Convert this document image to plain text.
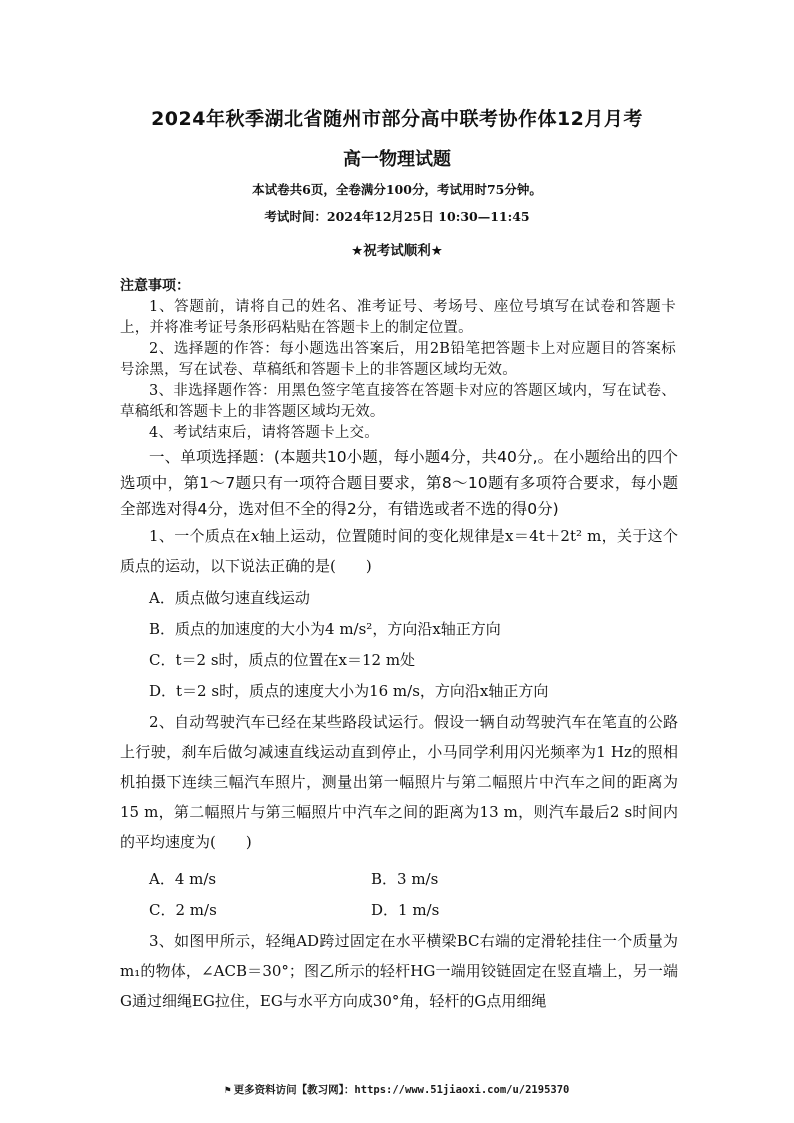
2024年秋季湖北省随州市部分高中联考协作体12月月考
高一物理试题
本试卷共6页，全卷满分100分，考试用时75分钟。
考试时间：2024年12月25日 10:30—11:45
★祝考试顺利★
注意事项：

1、答题前，请将自己的姓名、准考证号、考场号、座位号填写在试卷和答题卡上，并将准考证号条形码粘贴在答题卡上的制定位置。

2、选择题的作答：每小题选出答案后，用2B铅笔把答题卡上对应题目的答案标号涂黑，写在试卷、草稿纸和答题卡上的非答题区域均无效。

3、非选择题作答：用黑色签字笔直接答在答题卡对应的答题区域内，写在试卷、草稿纸和答题卡上的非答题区域均无效。

4、考试结束后，请将答题卡上交。

一、单项选择题：(本题共10小题，每小题4分，共40分,。在小题给出的四个选项中，第1～7题只有一项符合题目要求，第8～10题有多项符合要求，每小题全部选对得4分，选对但不全的得2分，有错选或者不选的得0分)

1、一个质点在x轴上运动，位置随时间的变化规律是x＝4t＋2t² m，关于这个质点的运动，以下说法正确的是(　　)

A．质点做匀速直线运动
B．质点的加速度的大小为4 m/s²，方向沿x轴正方向
C．t＝2 s时，质点的位置在x＝12 m处
D．t＝2 s时，质点的速度大小为16 m/s，方向沿x轴正方向

2、自动驾驶汽车已经在某些路段试运行。假设一辆自动驾驶汽车在笔直的公路上行驶，刹车后做匀减速直线运动直到停止，小马同学利用闪光频率为1 Hz的照相机拍摄下连续三幅汽车照片，测量出第一幅照片与第二幅照片中汽车之间的距离为15 m，第二幅照片与第三幅照片中汽车之间的距离为13 m，则汽车最后2 s时间内的平均速度为(　　)

A．4 m/s	B．3 m/s
C．2 m/s	D．1 m/s

3、如图甲所示，轻绳AD跨过固定在水平横梁BC右端的定滑轮挂住一个质量为m₁的物体，∠ACB＝30°；图乙所示的轻杆HG一端用铰链固定在竖直墙上，另一端G通过细绳EG拉住，EG与水平方向成30°角，轻杆的G点用细绳

⚑ 更多资料访问【教习网】：https://www.51jiaoxi.com/u/2195370
